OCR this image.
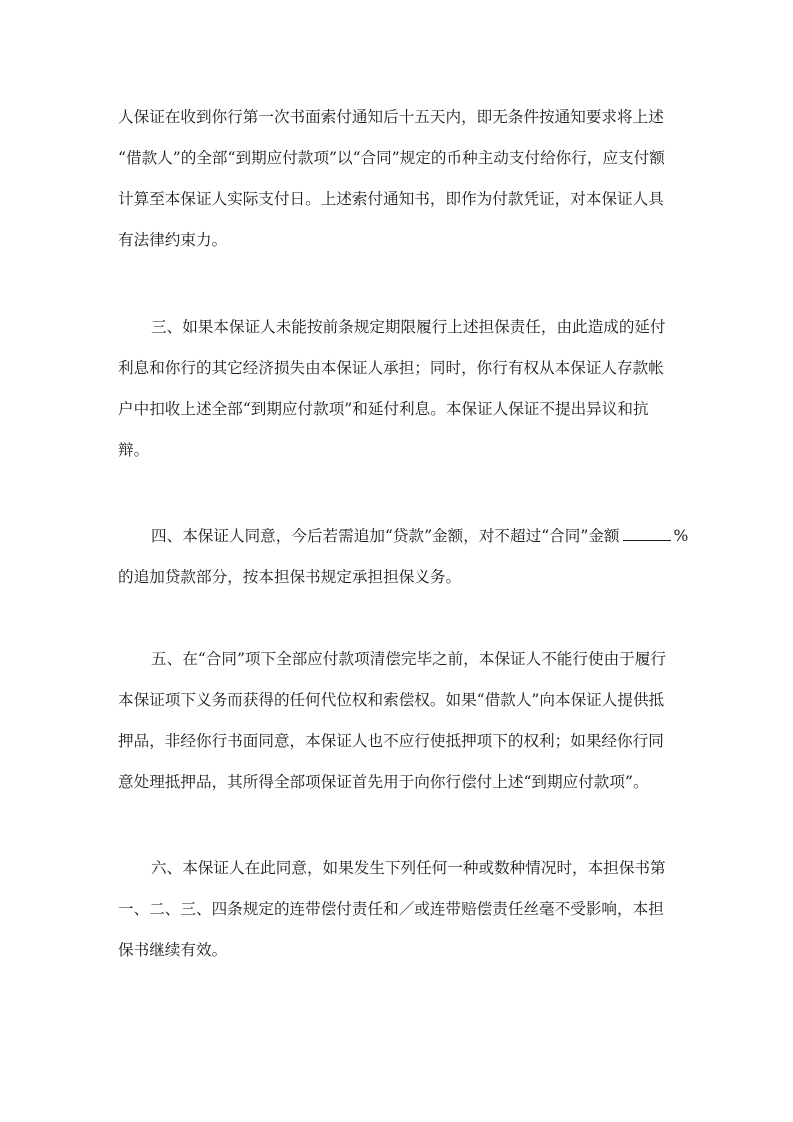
人保证在收到你行第一次书面索付通知后十五天内，即无条件按通知要求将上述
“借款人”的全部“到期应付款项”以“合同”规定的币种主动支付给你行，应支付额
计算至本保证人实际支付日。上述索付通知书，即作为付款凭证，对本保证人具
有法律约束力。
三、如果本保证人未能按前条规定期限履行上述担保责任，由此造成的延付
利息和你行的其它经济损失由本保证人承担；同时，你行有权从本保证人存款帐
户中扣收上述全部“到期应付款项”和延付利息。本保证人保证不提出异议和抗
辩。
四、本保证人同意，今后若需追加“贷款”金额，对不超过“合同”金额	%
的追加贷款部分，按本担保书规定承担担保义务。
五、在“合同”项下全部应付款项清偿完毕之前，本保证人不能行使由于履行
本保证项下义务而获得的任何代位权和索偿权。如果“借款人”向本保证人提供抵
押品，非经你行书面同意，本保证人也不应行使抵押项下的权利；如果经你行同
意处理抵押品，其所得全部项保证首先用于向你行偿付上述“到期应付款项”。
六、本保证人在此同意，如果发生下列任何一种或数种情况时，本担保书第
一、二、三、四条规定的连带偿付责任和／或连带赔偿责任丝毫不受影响，本担
保书继续有效。
